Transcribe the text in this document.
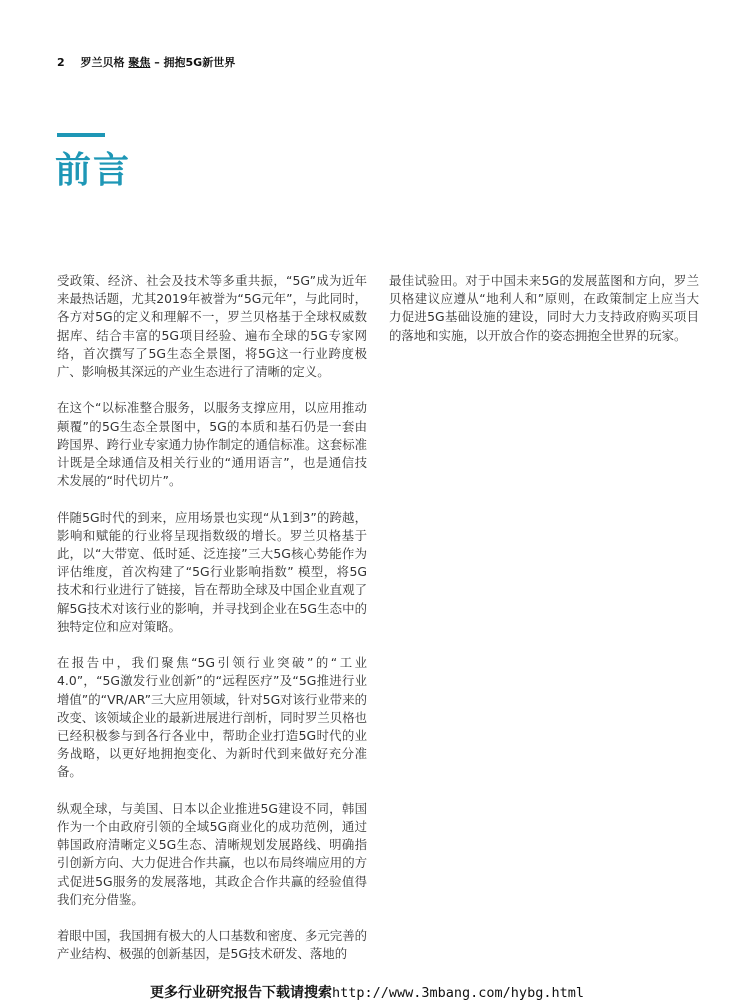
2 罗兰贝格 聚焦 – 拥抱5G新世界
前言

受政策、经济、社会及技术等多重共振，“5G”成为近年来最热话题，尤其2019年被誉为“5G元年”，与此同时，各方对5G的定义和理解不一，罗兰贝格基于全球权威数据库、结合丰富的5G项目经验、遍布全球的5G专家网络，首次撰写了5G生态全景图，将5G这一行业跨度极广、影响极其深远的产业生态进行了清晰的定义。

在这个“以标准整合服务，以服务支撑应用，以应用推动颠覆”的5G生态全景图中，5G的本质和基石仍是一套由跨国界、跨行业专家通力协作制定的通信标准。这套标准计既是全球通信及相关行业的“通用语言”，也是通信技术发展的“时代切片”。

伴随5G时代的到来，应用场景也实现“从1到3”的跨越，影响和赋能的行业将呈现指数级的增长。罗兰贝格基于此，以“大带宽、低时延、泛连接”三大5G核心势能作为评估维度，首次构建了“5G行业影响指数” 模型，将5G技术和行业进行了链接，旨在帮助全球及中国企业直观了解5G技术对该行业的影响，并寻找到企业在5G生态中的独特定位和应对策略。

在报告中，我们聚焦“5G引领行业突破”的“工业4.0”，“5G激发行业创新”的“远程医疗”及“5G推进行业增值”的“VR/AR”三大应用领域，针对5G对该行业带来的改变、该领域企业的最新进展进行剖析，同时罗兰贝格也已经积极参与到各行各业中，帮助企业打造5G时代的业务战略，以更好地拥抱变化、为新时代到来做好充分准备。

纵观全球，与美国、日本以企业推进5G建设不同，韩国作为一个由政府引领的全域5G商业化的成功范例，通过韩国政府清晰定义5G生态、清晰规划发展路线、明确指引创新方向、大力促进合作共赢，也以布局终端应用的方式促进5G服务的发展落地，其政企合作共赢的经验值得我们充分借鉴。

着眼中国，我国拥有极大的人口基数和密度、多元完善的产业结构、极强的创新基因，是5G技术研发、落地的

最佳试验田。对于中国未来5G的发展蓝图和方向，罗兰贝格建议应遵从“地利人和”原则，在政策制定上应当大力促进5G基础设施的建设，同时大力支持政府购买项目的落地和实施，以开放合作的姿态拥抱全世界的玩家。

更多行业研究报告下载请搜索http://www.3mbang.com/hybg.html
